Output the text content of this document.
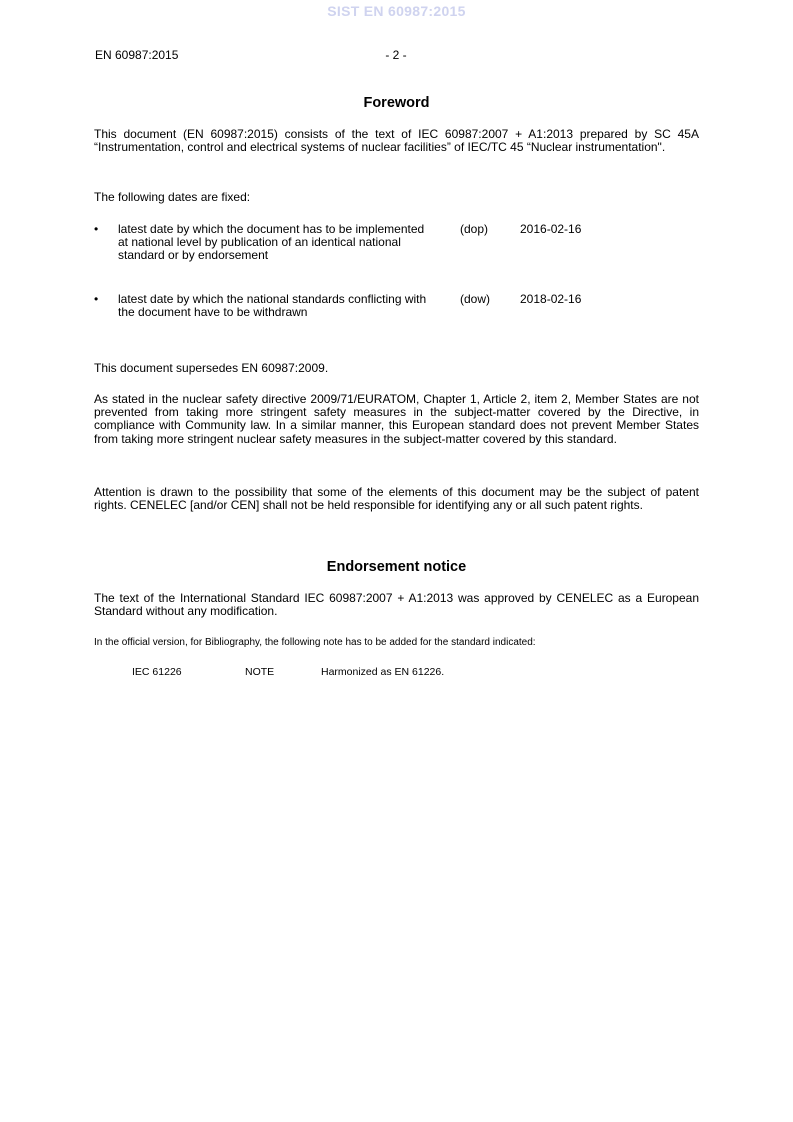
SIST EN 60987:2015
EN 60987:2015	- 2 -
Foreword
This document (EN 60987:2015) consists of the text of IEC 60987:2007 + A1:2013 prepared by SC 45A “Instrumentation, control and electrical systems of nuclear facilities” of IEC/TC 45 “Nuclear instrumentation".
The following dates are fixed:
•	latest date by which the document has to be implemented
at national level by publication of an identical national standard or by endorsement
(dop)	2016-02-16
•	latest date by which the national standards conflicting with the document have to be withdrawn
(dow) 2018-02-16
This document supersedes EN 60987:2009.
As stated in the nuclear safety directive 2009/71/EURATOM, Chapter 1, Article 2, item 2, Member States are not prevented from taking more stringent safety measures in the subject-matter covered by the Directive, in compliance with Community law. In a similar manner, this European standard does not prevent Member States from taking more stringent nuclear safety measures in the subject-matter covered by this standard.
Attention is drawn to the possibility that some of the elements of this document may be the subject of patent rights. CENELEC [and/or CEN] shall not be held responsible for identifying any or all such patent rights.
Endorsement notice
The text of the International Standard IEC 60987:2007 + A1:2013 was approved by CENELEC as a European Standard without any modification.
In the official version, for Bibliography, the following note has to be added for the standard indicated:
IEC 61226	NOTE	Harmonized as EN 61226.
